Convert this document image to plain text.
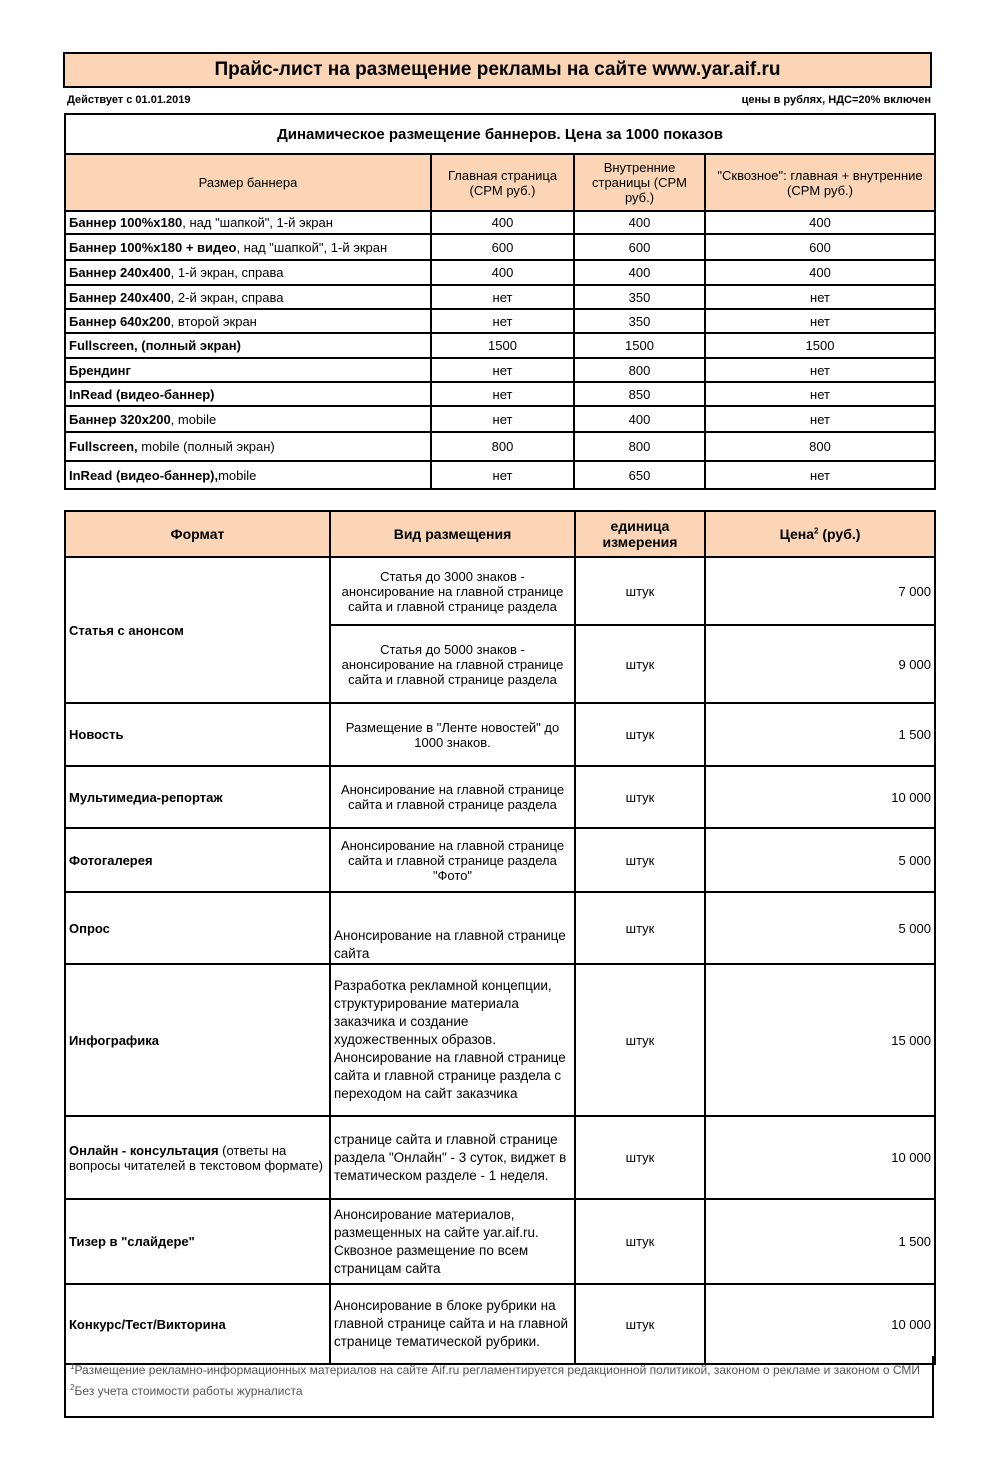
Прайс-лист на размещение рекламы на сайте www.yar.aif.ru
Действует с 01.01.2019	цены в рублях, НДС=20% включен
Динамическое размещение баннеров. Цена за 1000 показов			
Размер баннера	Главная страница (CPM руб.)	Внутренние страницы (CPM руб.)	"Сквозное": главная + внутренние (CPM руб.)
Баннер 100%х180, над "шапкой", 1-й экран	400	400	400
Баннер 100%х180 + видео, над "шапкой", 1-й экран	600	600	600
Баннер 240х400, 1-й экран, справа	400	400	400
Баннер 240х400, 2-й экран, справа	нет	350	нет
Баннер 640х200, второй экран	нет	350	нет
Fullscreen, (полный экран)	1500	1500	1500
Брендинг	нет	800	нет
InRead (видео-баннер)	нет	850	нет
Баннер 320х200, mobile	нет	400	нет
Fullscreen, mobile (полный экран)	800	800	800
InRead (видео-баннер),mobile	нет	650	нет
Формат	Вид размещения	единица измерения	Цена$^2$ (руб.)
Статья с анонсом	Статья до 3000 знаков - анонсирование на главной странице сайта и главной странице раздела	штук	7 000
	Статья до 5000 знаков - анонсирование на главной странице сайта и главной странице раздела	штук	9 000
Новость	Размещение в "Ленте новостей" до 1000 знаков.	штук	1 500
Мультимедиа-репортаж	Анонсирование на главной странице сайта и главной странице раздела	штук	10 000
Фотогалерея	Анонсирование на главной странице сайта и главной странице раздела "Фото"	штук	5 000
Опрос	Анонсирование на главной странице сайта	штук	5 000
Инфографика	Разработка рекламной концепции, структурирование материала заказчика и создание художественных образов. Анонсирование на главной странице сайта и главной странице раздела с переходом на сайт заказчика	штук	15 000
Онлайн - консультация (ответы на вопросы читателей в текстовом формате)	странице сайта и главной странице раздела "Онлайн" - 3 суток, виджет в тематическом разделе - 1 неделя.	штук	10 000
Тизер в "слайдере"	Анонсирование материалов, размещенных на сайте yar.aif.ru. Сквозное размещение по всем страницам сайта	штук	1 500
Конкурс/Тест/Викторина	Анонсирование в блоке рубрики на главной странице сайта и на главной странице тематической рубрики.	штук	10 000
$^1$Размещение рекламно-информационных материалов на сайте Aif.ru регламентируется редакционной политикой, законом о рекламе и законом о СМИ
$^2$Без учета стоимости работы журналиста
